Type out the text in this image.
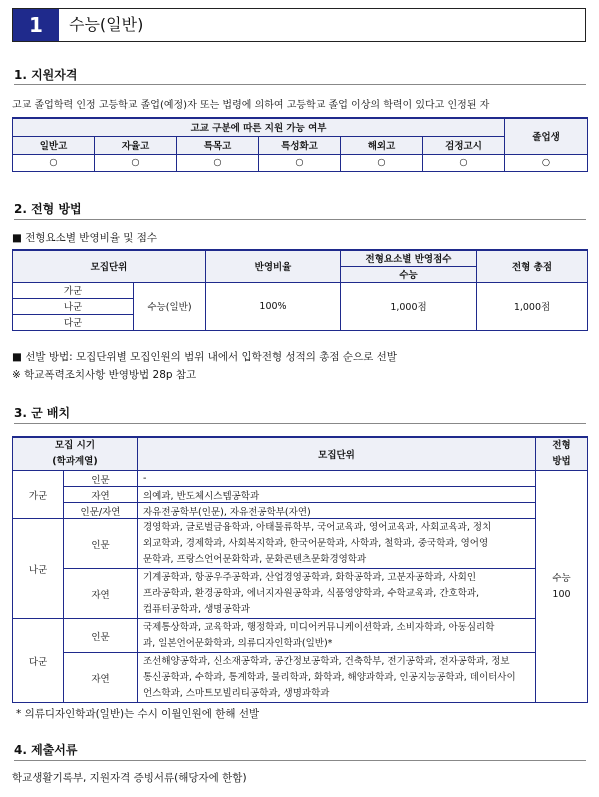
1	수능(일반)
1. 지원자격
고교 졸업학력 인정 고등학교 졸업(예정)자 또는 법령에 의하여 고등학교 졸업 이상의 학력이 있다고 인정된 자
고교 구분에 따른 지원 가능 여부						졸업생
일반고	자율고	특목고	특성화고	해외고	검정고시	
○	○	○	○	○	○	○
2. 전형 방법
■ 전형요소별 반영비율 및 점수
모집단위		반영비율	전형요소별 반영점수	전형 총점
			수능	
가군	수능(일반)	100%	1,000점	1,000점
나군				
다군				
■ 선발 방법: 모집단위별 모집인원의 범위 내에서 입학전형 성적의 총점 순으로 선발
※ 학교폭력조치사항 반영방법 28p 참고
3. 군 배치
모집 시기
(학과계열)		모집단위	전형
방법
가군	인문	-	수능
100
	자연	의예과, 반도체시스템공학과	
	인문/자연	자유전공학부(인문), 자유전공학부(자연)	
나군	인문	경영학과, 글로벌금융학과, 아태물류학부, 국어교육과, 영어교육과, 사회교육과, 정치
외교학과, 경제학과, 사회복지학과, 한국어문학과, 사학과, 철학과, 중국학과, 영어영
문학과, 프랑스언어문화학과, 문화콘텐츠문화경영학과	
	자연	기계공학과, 항공우주공학과, 산업경영공학과, 화학공학과, 고분자공학과, 사회인
프라공학과, 환경공학과, 에너지자원공학과, 식품영양학과, 수학교육과, 간호학과,
컴퓨터공학과, 생명공학과	
다군	인문	국제통상학과, 교육학과, 행정학과, 미디어커뮤니케이션학과, 소비자학과, 아동심리학
과, 일본언어문화학과, 의류디자인학과(일반)*	
	자연	조선해양공학과, 신소재공학과, 공간정보공학과, 건축학부, 전기공학과, 전자공학과, 정보
통신공학과, 수학과, 통계학과, 물리학과, 화학과, 해양과학과, 인공지능공학과, 데이터사이
언스학과, 스마트모빌리티공학과, 생명과학과	
* 의류디자인학과(일반)는 수시 이월인원에 한해 선발
4. 제출서류
학교생활기록부, 지원자격 증빙서류(해당자에 한함)
